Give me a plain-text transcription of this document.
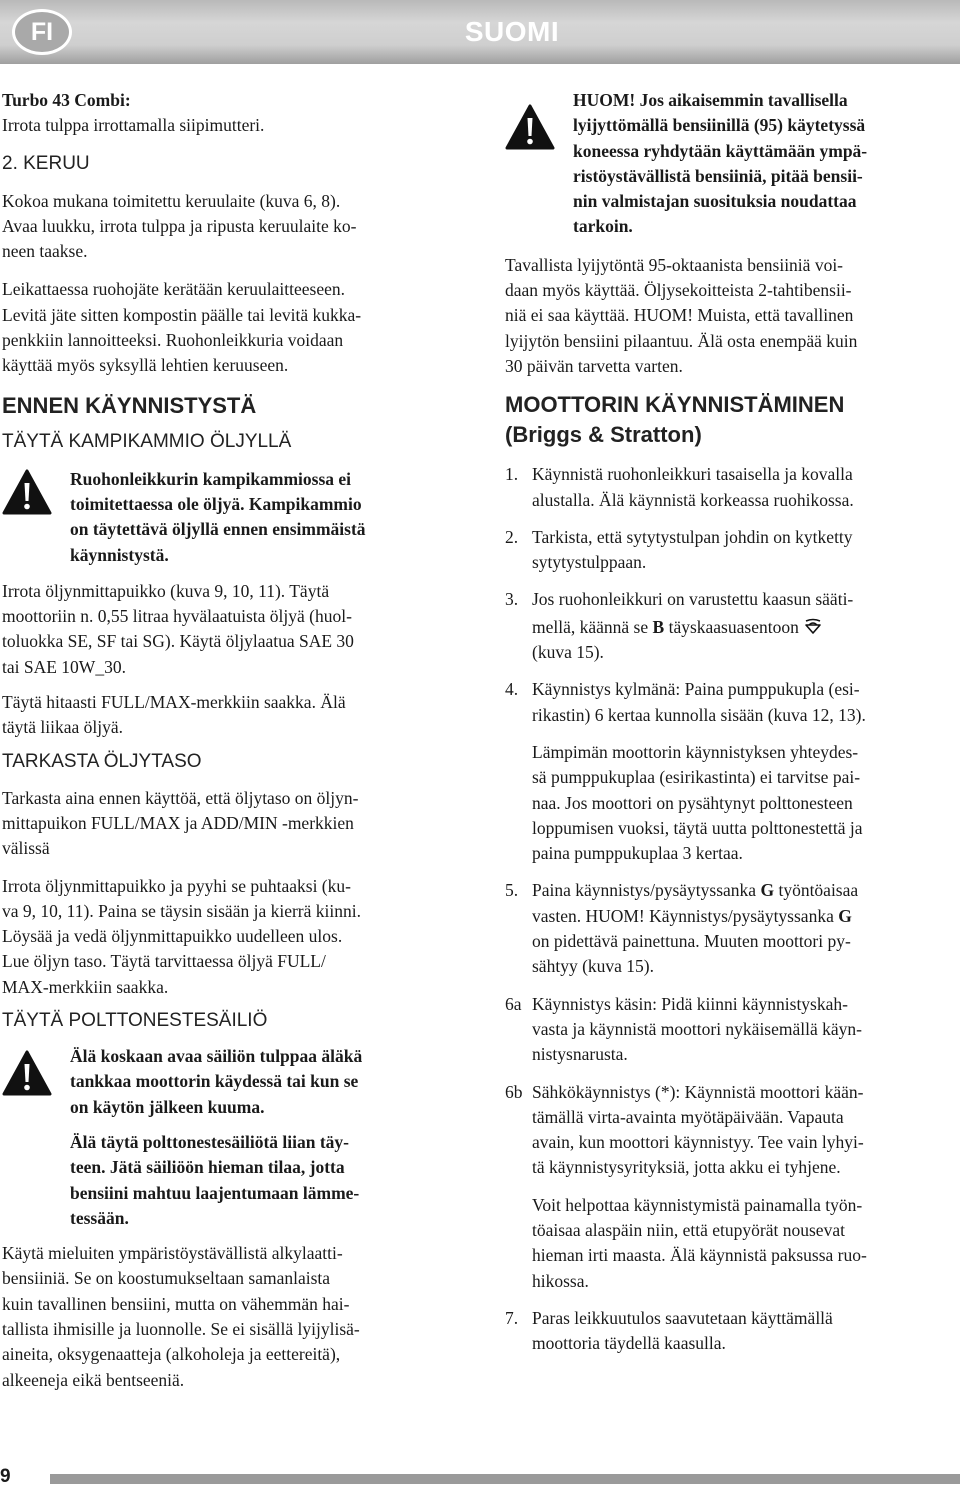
FI	SUOMI

Turbo 43 Combi:

Irrota tulppa irrottamalla siipimutteri.

2. KERUU

Kokoa mukana toimitettu keruulaite (kuva 6, 8).

Avaa luukku, irrota tulppa ja ripusta keruulaite ko-

neen taakse.

Leikattaessa ruohojäte kerätään keruulaitteeseen.

Levitä jäte sitten kompostin päälle tai levitä kukka-

penkkiin lannoitteeksi. Ruohonleikkuria voidaan

käyttää myös syksyllä lehtien keruuseen.

ENNEN KÄYNNISTYSTÄ
TÄYTÄ KAMPIKAMMIO ÖLJYLLÄ

Ruohonleikkurin kampikammiossa ei

toimitettaessa ole öljyä. Kampikammio

on täytettävä öljyllä ennen ensimmäistä

käynnistystä.

Irrota öljynmittapuikko (kuva 9, 10, 11). Täytä

moottoriin n. 0,55 litraa hyvälaatuista öljyä (huol-

toluokka SE, SF tai SG). Käytä öljylaatua SAE 30

tai SAE 10W_30.

Täytä hitaasti FULL/MAX-merkkiin saakka. Älä

täytä liikaa öljyä.

TARKASTA ÖLJYTASO

Tarkasta aina ennen käyttöä, että öljytaso on öljyn-

mittapuikon FULL/MAX ja ADD/MIN -merkkien

välissä

Irrota öljynmittapuikko ja pyyhi se puhtaaksi (ku-

va 9, 10, 11). Paina se täysin sisään ja kierrä kiinni.

Löysää ja vedä öljynmittapuikko uudelleen ulos.

Lue öljyn taso. Täytä tarvittaessa öljyä FULL/

MAX-merkkiin saakka.

TÄYTÄ POLTTONESTESÄILIÖ

Älä koskaan avaa säiliön tulppaa äläkä

tankkaa moottorin käydessä tai kun se

on käytön jälkeen kuuma.

Älä täytä polttonestesäiliötä liian täy-

teen. Jätä säiliöön hieman tilaa, jotta

bensiini mahtuu laajentumaan lämme-

tessään.

Käytä mieluiten ympäristöystävällistä alkylaatti-

bensiiniä. Se on koostumukseltaan samanlaista

kuin tavallinen bensiini, mutta on vähemmän hai-

tallista ihmisille ja luonnolle. Se ei sisällä lyijylisä-

aineita, oksygenaatteja (alkoholeja ja eettereitä),

alkeeneja eikä bentseeniä.

HUOM! Jos aikaisemmin tavallisella

lyijyttömällä bensiinillä (95) käytetyssä

koneessa ryhdytään käyttämään ympä-

ristöystävällistä bensiiniä, pitää bensii-

nin valmistajan suosituksia noudattaa

tarkoin.

Tavallista lyijytöntä 95-oktaanista bensiiniä voi-

daan myös käyttää. Öljysekoitteista 2-tahtibensii-

niä ei saa käyttää. HUOM! Muista, että tavallinen

lyijytön bensiini pilaantuu. Älä osta enempää kuin

30 päivän tarvetta varten.

MOOTTORIN KÄYNNISTÄMINEN
(Briggs & Stratton)
1. Käynnistä ruohonleikkuri tasaisella ja kovalla

alustalla. Älä käynnistä korkeassa ruohikossa.

2. Tarkista, että sytytystulpan johdin on kytketty

sytytystulppaan.

3. Jos ruohonleikkuri on varustettu kaasun sääti-

mellä, käännä se B täyskaasuasentoon

(kuva 15).

4. Käynnistys kylmänä: Paina pumppukupla (esi-

rikastin) 6 kertaa kunnolla sisään (kuva 12, 13).

Lämpimän moottorin käynnistyksen yhteydes-

sä pumppukuplaa (esirikastinta) ei tarvitse pai-

naa. Jos moottori on pysähtynyt polttonesteen

loppumisen vuoksi, täytä uutta polttonestettä ja

paina pumppukuplaa 3 kertaa.

5. Paina käynnistys/pysäytyssanka G työntöaisaa

vasten. HUOM! Käynnistys/pysäytyssanka G

on pidettävä painettuna. Muuten moottori py-

sähtyy (kuva 15).

6a Käynnistys käsin: Pidä kiinni käynnistyskah-

vasta ja käynnistä moottori nykäisemällä käyn-

nistysnarusta.

6b Sähkökäynnistys (*): Käynnistä moottori kään-

tämällä virta-avainta myötäpäivään. Vapauta

avain, kun moottori käynnistyy. Tee vain lyhyi-

tä käynnistysyrityksiä, jotta akku ei tyhjene.

Voit helpottaa käynnistymistä painamalla työn-

töaisaa alaspäin niin, että etupyörät nousevat

hieman irti maasta. Älä käynnistä paksussa ruo-

hikossa.

7. Paras leikkuutulos saavutetaan käyttämällä

moottoria täydellä kaasulla.

9
